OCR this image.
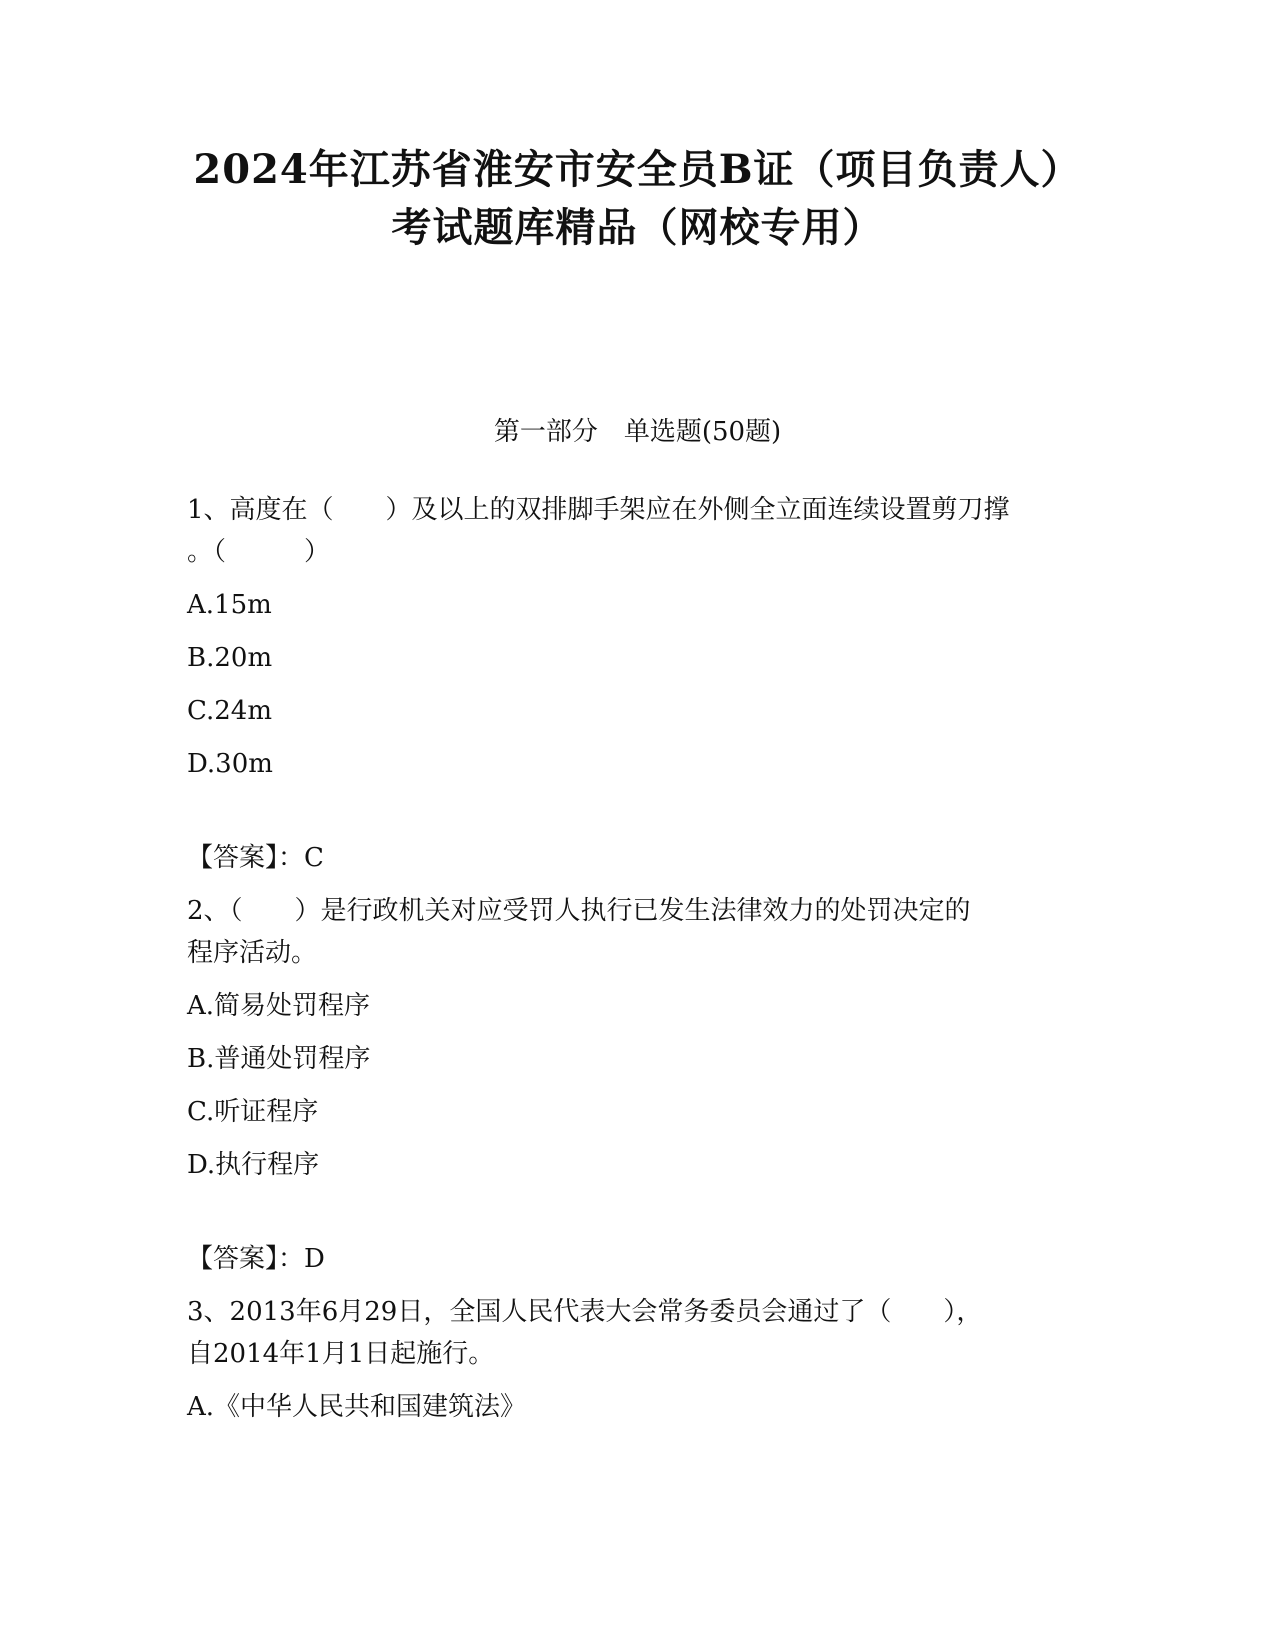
2024年江苏省淮安市安全员B证（项目负责人）
考试题库精品（网校专用）
第一部分　单选题(50题)
1、高度在（　　）及以上的双排脚手架应在外侧全立面连续设置剪刀撑
。（　　　）
A.15m
B.20m
C.24m
D.30m
【答案】：C
2、（　　）是行政机关对应受罚人执行已发生法律效力的处罚决定的
程序活动。
A.简易处罚程序
B.普通处罚程序
C.听证程序
D.执行程序
【答案】：D
3、2013年6月29日，全国人民代表大会常务委员会通过了（　　），
自2014年1月1日起施行。
A.《中华人民共和国建筑法》
